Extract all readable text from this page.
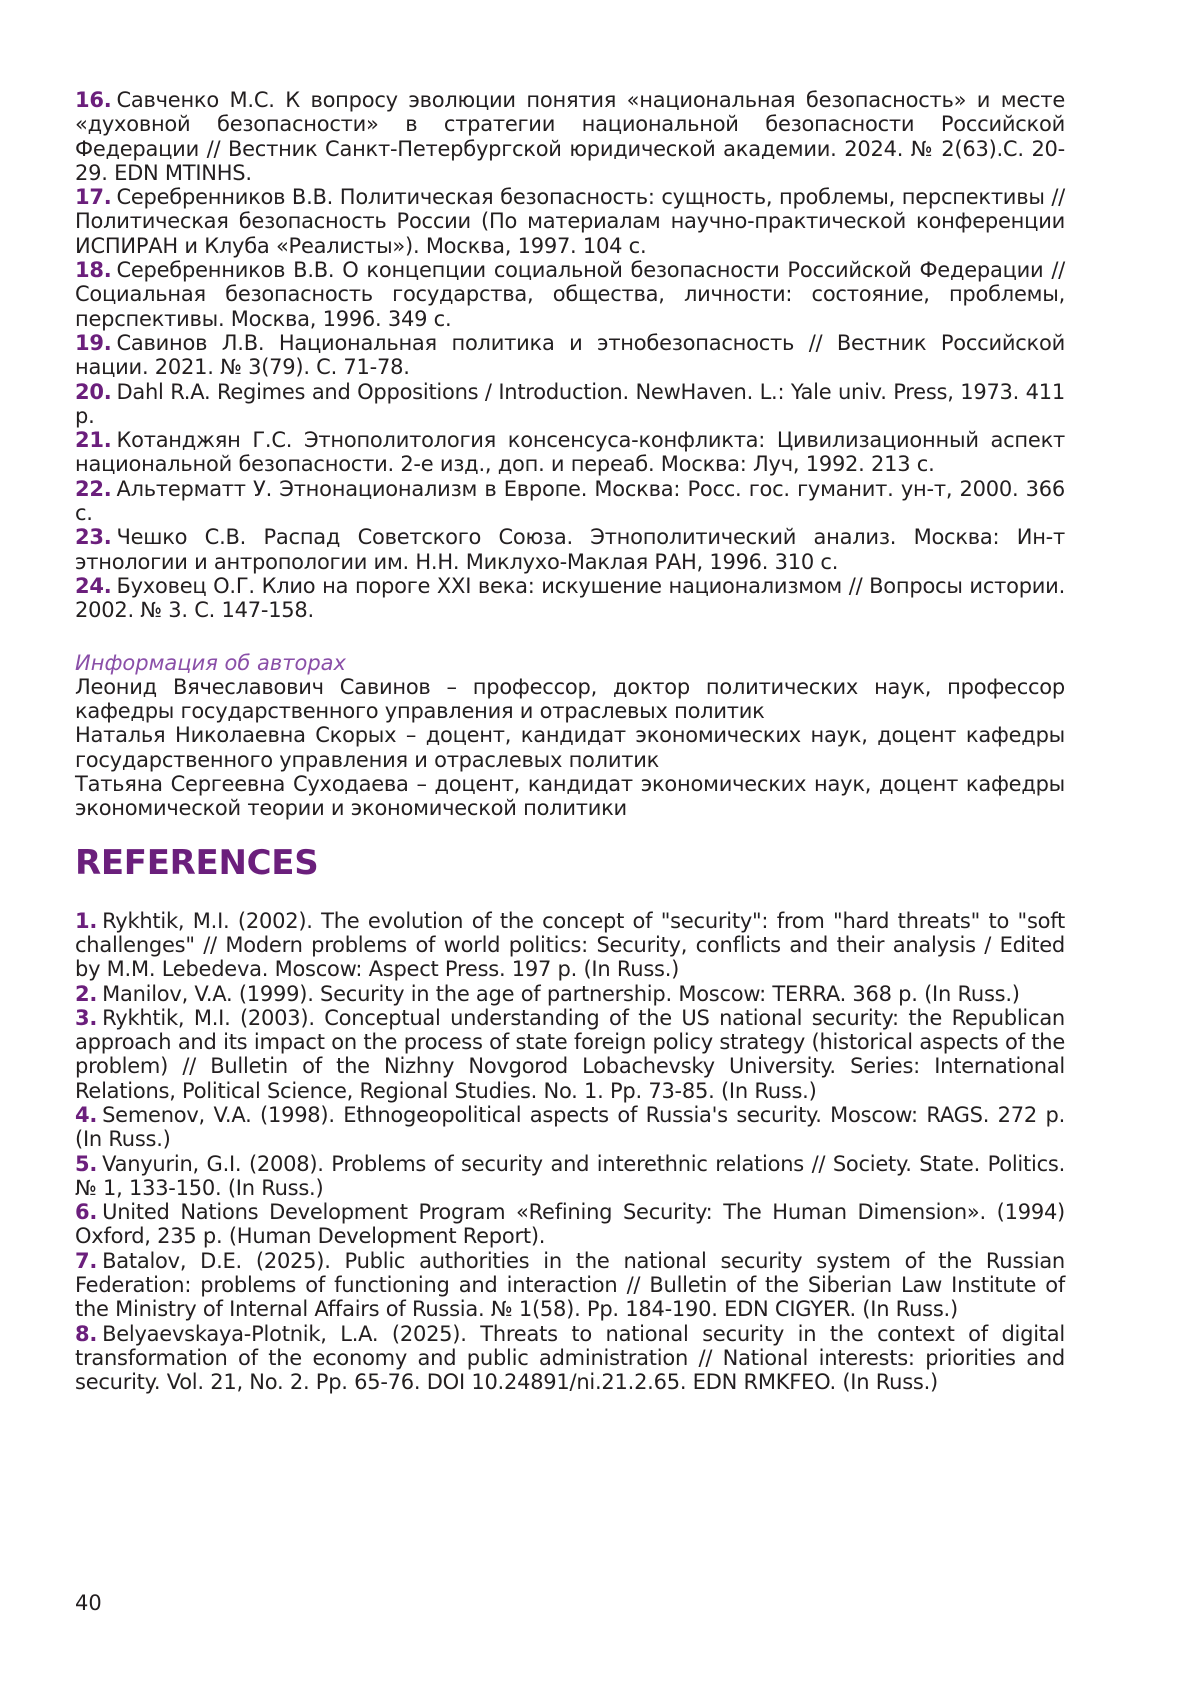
16. Савченко М.С. К вопросу эволюции понятия «национальная безопасность» и месте «духовной безопасности» в стратегии национальной безопасности Российской Федерации // Вестник Санкт-Петербургской юридической академии. 2024. № 2(63).С. 20-29. EDN MTINHS.

17. Серебренников В.В. Политическая безопасность: сущность, проблемы, перспективы // Политическая безопасность России (По материалам научно-практической конференции ИСПИРАН и Клуба «Реалисты»). Москва, 1997. 104 с.

18. Серебренников В.В. О концепции социальной безопасности Российской Федерации // Социальная безопасность государства, общества, личности: состояние, проблемы, перспективы. Москва, 1996. 349 с.

19. Савинов Л.В. Национальная политика и этнобезопасность // Вестник Российской нации. 2021. № 3(79). С. 71-78.

20. Dahl R.A. Regimes and Oppositions / Introduction. NewHaven. L.: Yale univ. Press, 1973. 411 p.

21. Котанджян Г.С. Этнополитология консенсуса-конфликта: Цивилизационный аспект национальной безопасности. 2-е изд., доп. и переаб. Москва: Луч, 1992. 213 с.

22. Альтерматт У. Этнонационализм в Европе. Москва: Росс. гос. гуманит. ун-т, 2000. 366 с.

23. Чешко С.В. Распад Советского Союза. Этнополитический анализ. Москва: Ин-т этнологии и антропологии им. Н.Н. Миклухо-Маклая РАН, 1996. 310 с.

24. Буховец О.Г. Клио на пороге XXI века: искушение национализмом // Вопросы истории. 2002. № 3. С. 147-158.

Информация об авторах

Леонид Вячеславович Савинов – профессор, доктор политических наук, профессор кафедры государственного управления и отраслевых политик

Наталья Николаевна Скорых – доцент, кандидат экономических наук, доцент кафедры государственного управления и отраслевых политик

Татьяна Сергеевна Суходаева – доцент, кандидат экономических наук, доцент кафедры экономической теории и экономической политики

REFERENCES

1. Rykhtik, M.I. (2002). The evolution of the concept of "security": from "hard threats" to "soft challenges" // Modern problems of world politics: Security, conflicts and their analysis / Edited by M.M. Lebedeva. Moscow: Aspect Press. 197 p. (In Russ.)

2. Manilov, V.A. (1999). Security in the age of partnership. Moscow: TERRA. 368 p. (In Russ.)

3. Rykhtik, M.I. (2003). Conceptual understanding of the US national security: the Republican approach and its impact on the process of state foreign policy strategy (historical aspects of the problem) // Bulletin of the Nizhny Novgorod Lobachevsky University. Series: International Relations, Political Science, Regional Studies. No. 1. Pp. 73-85. (In Russ.)

4. Semenov, V.A. (1998). Ethnogeopolitical aspects of Russia's security. Moscow: RAGS. 272 p. (In Russ.)

5. Vanyurin, G.I. (2008). Problems of security and interethnic relations // Society. State. Politics. № 1, 133-150. (In Russ.)

6. United Nations Development Program «Refining Security: The Human Dimension». (1994) Oxford, 235 p. (Human Development Report).

7. Batalov, D.E. (2025). Public authorities in the national security system of the Russian Federation: problems of functioning and interaction // Bulletin of the Siberian Law Institute of the Ministry of Internal Affairs of Russia. № 1(58). Pp. 184-190. EDN CIGYER. (In Russ.)

8. Belyaevskaya-Plotnik, L.A. (2025). Threats to national security in the context of digital transformation of the economy and public administration // National interests: priorities and security. Vol. 21, No. 2. Pp. 65-76. DOI 10.24891/ni.21.2.65. EDN RMKFEO. (In Russ.)

40
